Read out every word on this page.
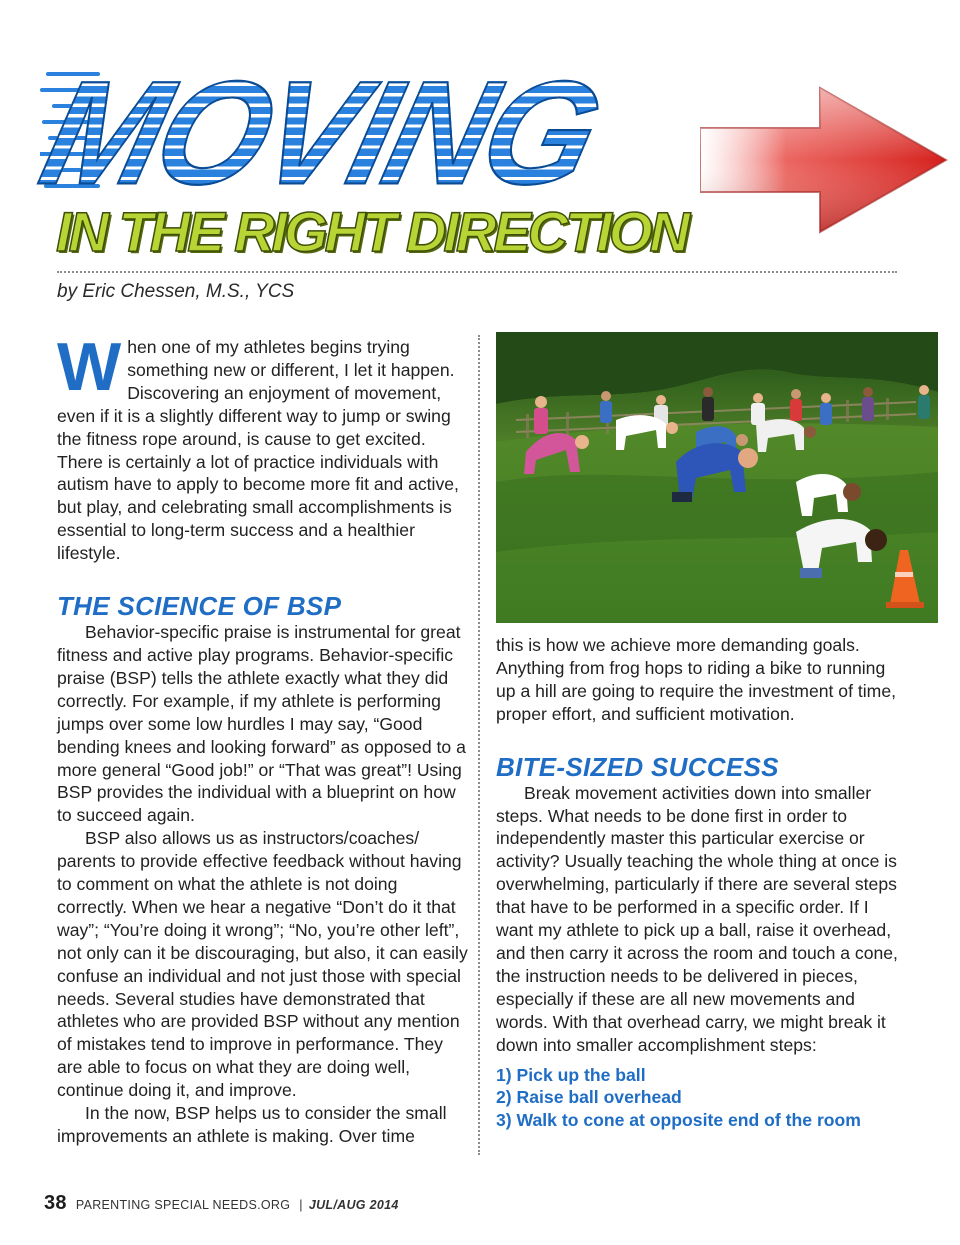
MOVING
IN THE RIGHT DIRECTION
by Eric Chessen, M.S., YCS
When one of my athletes begins trying something new or different, I let it happen. Discovering an enjoyment of movement, even if it is a slightly different way to jump or swing the fitness rope around, is cause to get excited. There is certainly a lot of practice individuals with autism have to apply to become more fit and active, but play, and celebrating small accomplishments is essential to long-term success and a healthier lifestyle.
THE SCIENCE OF BSP

Behavior-specific praise is instrumental for great fitness and active play programs. Behavior-specific praise (BSP) tells the athlete exactly what they did correctly. For example, if my athlete is performing jumps over some low hurdles I may say, “Good bending knees and looking forward” as opposed to a more general “Good job!” or “That was great”! Using BSP provides the individual with a blueprint on how to succeed again.

BSP also allows us as instructors/coaches/ parents to provide effective feedback without having to comment on what the athlete is not doing correctly. When we hear a negative “Don’t do it that way”; “You’re doing it wrong”; “No, you’re other left”, not only can it be discouraging, but also, it can easily confuse an individual and not just those with special needs. Several studies have demonstrated that athletes who are provided BSP without any mention of mistakes tend to improve in performance. They are able to focus on what they are doing well, continue doing it, and improve.

In the now, BSP helps us to consider the small improvements an athlete is making. Over time

this is how we achieve more demanding goals. Anything from frog hops to riding a bike to running up a hill are going to require the investment of time, proper effort, and sufficient motivation.

BITE-SIZED SUCCESS

Break movement activities down into smaller steps. What needs to be done first in order to independently master this particular exercise or activity? Usually teaching the whole thing at once is overwhelming, particularly if there are several steps that have to be performed in a specific order. If I want my athlete to pick up a ball, raise it overhead, and then carry it across the room and touch a cone, the instruction needs to be delivered in pieces, especially if these are all new movements and words. With that overhead carry, we might break it down into smaller accomplishment steps:

1) Pick up the ball
2) Raise ball overhead
3) Walk to cone at opposite end of the room
38 PARENTING SPECIAL NEEDS.ORG | JUL/AUG 2014
